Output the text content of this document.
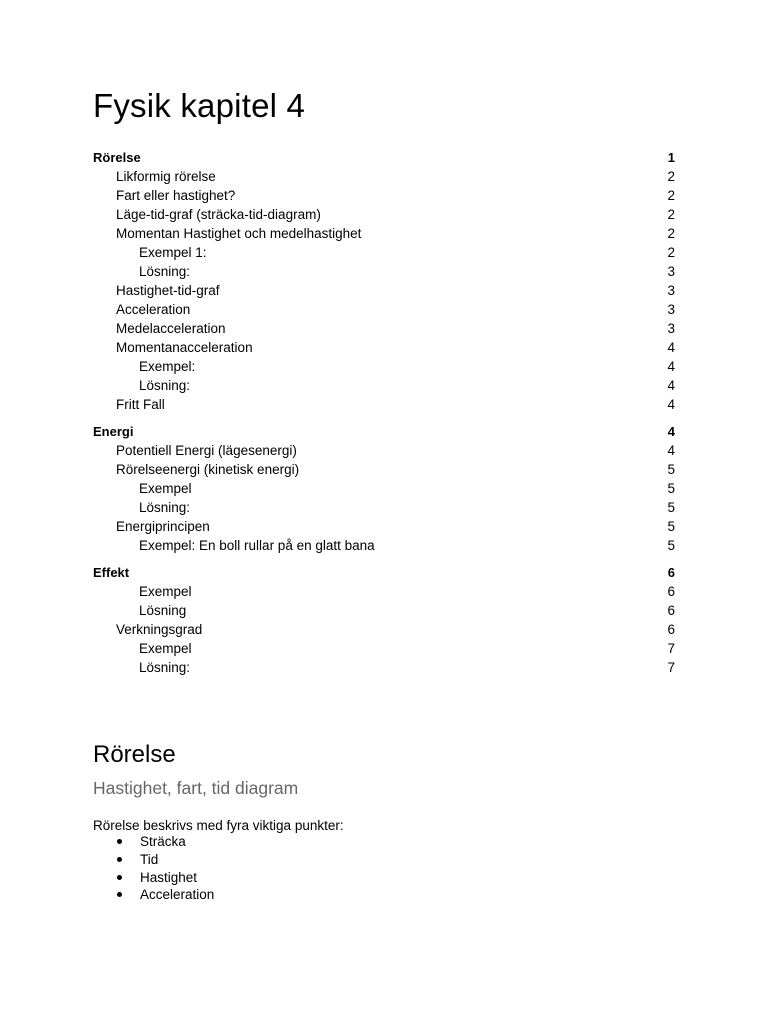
Fysik kapitel 4
Rörelse	1
Likformig rörelse	2
Fart eller hastighet?	2
Läge-tid-graf (sträcka-tid-diagram)	2
Momentan Hastighet och medelhastighet	2
Exempel 1:	2
Lösning:	3
Hastighet-tid-graf	3
Acceleration	3
Medelacceleration	3
Momentanacceleration	4
Exempel:	4
Lösning:	4
Fritt Fall	4
Energi	4
Potentiell Energi (lägesenergi)	4
Rörelseenergi (kinetisk energi)	5
Exempel	5
Lösning:	5
Energiprincipen	5
Exempel: En boll rullar på en glatt bana	5
Effekt	6
Exempel	6
Lösning	6
Verkningsgrad	6
Exempel	7
Lösning:	7
Rörelse
Hastighet, fart, tid diagram

Rörelse beskrivs med fyra viktiga punkter:

Sträcka
Tid
Hastighet
Acceleration
